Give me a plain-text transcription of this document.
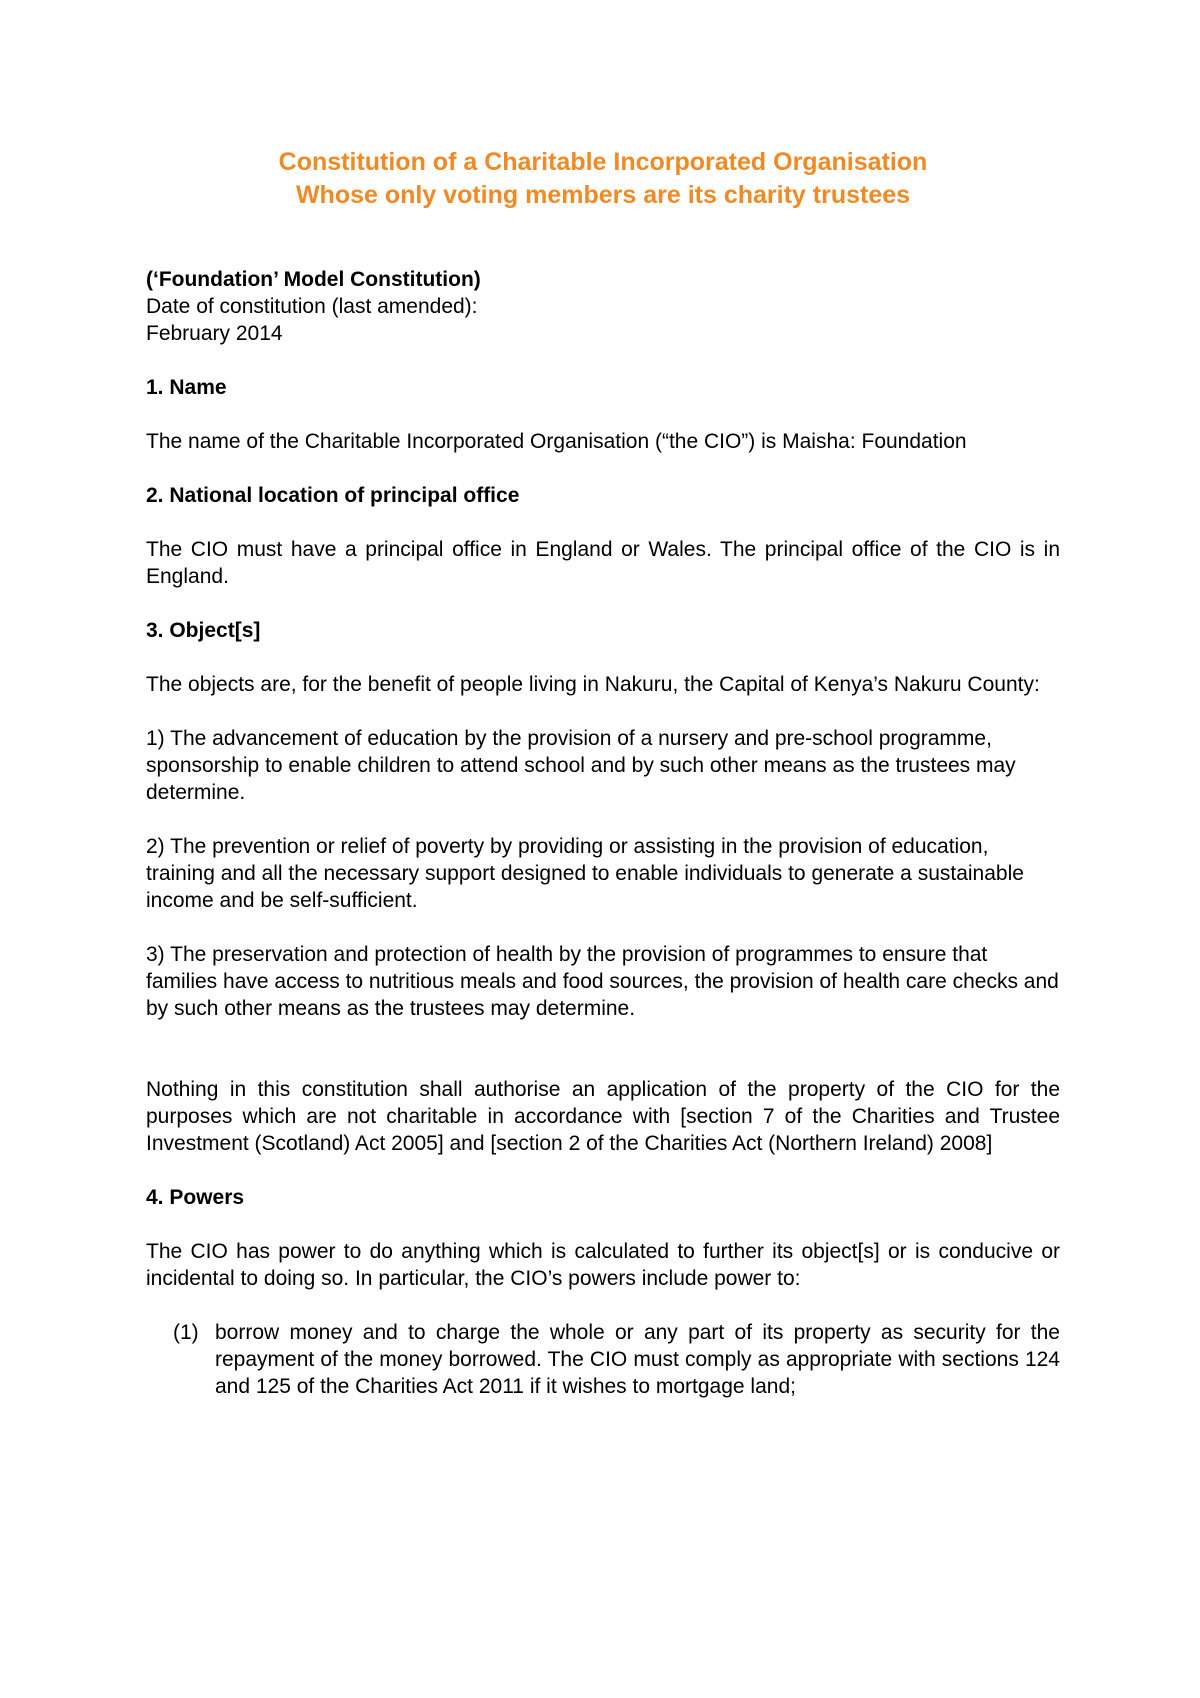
Constitution of a Charitable Incorporated Organisation
Whose only voting members are its charity trustees
(‘Foundation’ Model Constitution)
Date of constitution (last amended):
February 2014
1. Name

The name of the Charitable Incorporated Organisation (“the CIO”) is Maisha: Foundation

2. National location of principal office

The CIO must have a principal office in England or Wales. The principal office of the CIO is in England.

3. Object[s]

The objects are, for the benefit of people living in Nakuru, the Capital of Kenya’s Nakuru County:

1) The advancement of education by the provision of a nursery and pre-school programme, sponsorship to enable children to attend school and by such other means as the trustees may determine.

2) The prevention or relief of poverty by providing or assisting in the provision of education, training and all the necessary support designed to enable individuals to generate a sustainable income and be self-sufficient.

3) The preservation and protection of health by the provision of programmes to ensure that families have access to nutritious meals and food sources, the provision of health care checks and by such other means as the trustees may determine.

Nothing in this constitution shall authorise an application of the property of the CIO for the purposes which are not charitable in accordance with [section 7 of the Charities and Trustee Investment (Scotland) Act 2005] and [section 2 of the Charities Act (Northern Ireland) 2008]

4. Powers

The CIO has power to do anything which is calculated to further its object[s] or is conducive or incidental to doing so. In particular, the CIO’s powers include power to:

(1) borrow money and to charge the whole or any part of its property as security for the repayment of the money borrowed. The CIO must comply as appropriate with sections 124 and 125 of the Charities Act 2011 if it wishes to mortgage land;
